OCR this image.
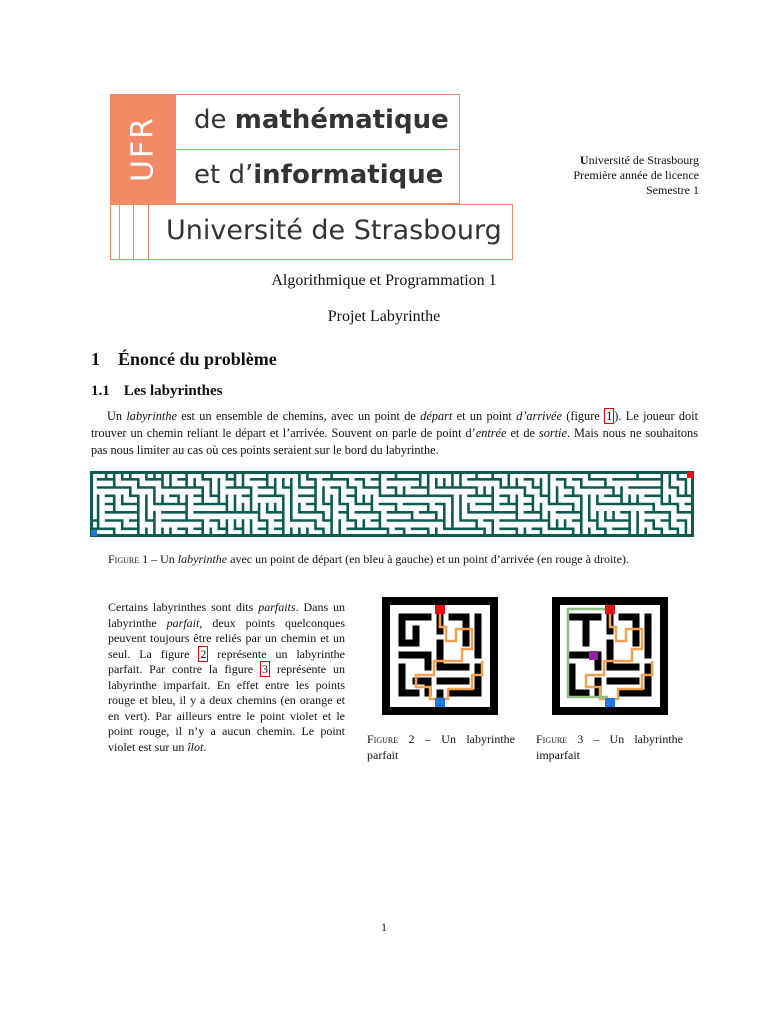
UFR de mathématique
et d’informatique
Université de Strasbourg
Université de Strasbourg
Première année de licence
Semestre 1
Algorithmique et Programmation 1
Projet Labyrinthe
1 Énoncé du problème
1.1 Les labyrinthes
Un labyrinthe est un ensemble de chemins, avec un point de départ et un point d’arrivée (figure 1 ). Le joueur doit trouver un chemin reliant le départ et l’arrivée. Souvent on parle de point d’entrée et de sortie. Mais nous ne souhaitons pas nous limiter au cas où ces points seraient sur le bord du labyrinthe.
Figure 1 – Un labyrinthe avec un point de départ (en bleu à gauche) et un point d’arrivée (en rouge à droite).
Certains labyrinthes sont dits parfaits. Dans un labyrinthe parfait, deux points quelconques peuvent toujours être reliés par un chemin et un seul. La figure 2 représente un labyrinthe parfait. Par contre la figure 3 représente un labyrinthe imparfait. En effet entre les points rouge et bleu, il y a deux chemins (en orange et en vert). Par ailleurs entre le point violet et le point rouge, il n’y a aucun chemin. Le point violet est sur un îlot.
Figure 2 – Un labyrinthe parfait
Figure 3 – Un labyrinthe imparfait
1
